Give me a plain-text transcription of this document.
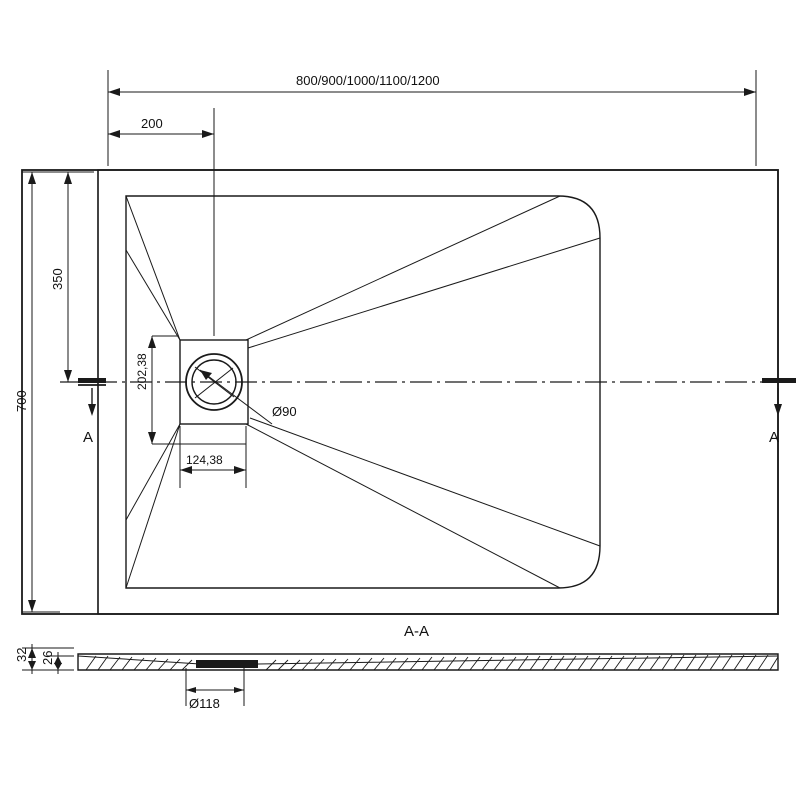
A	A
800/900/1000/1100/1200
200
350
700
202,38
124,38
Ø90
A-A
32 26
Ø118
